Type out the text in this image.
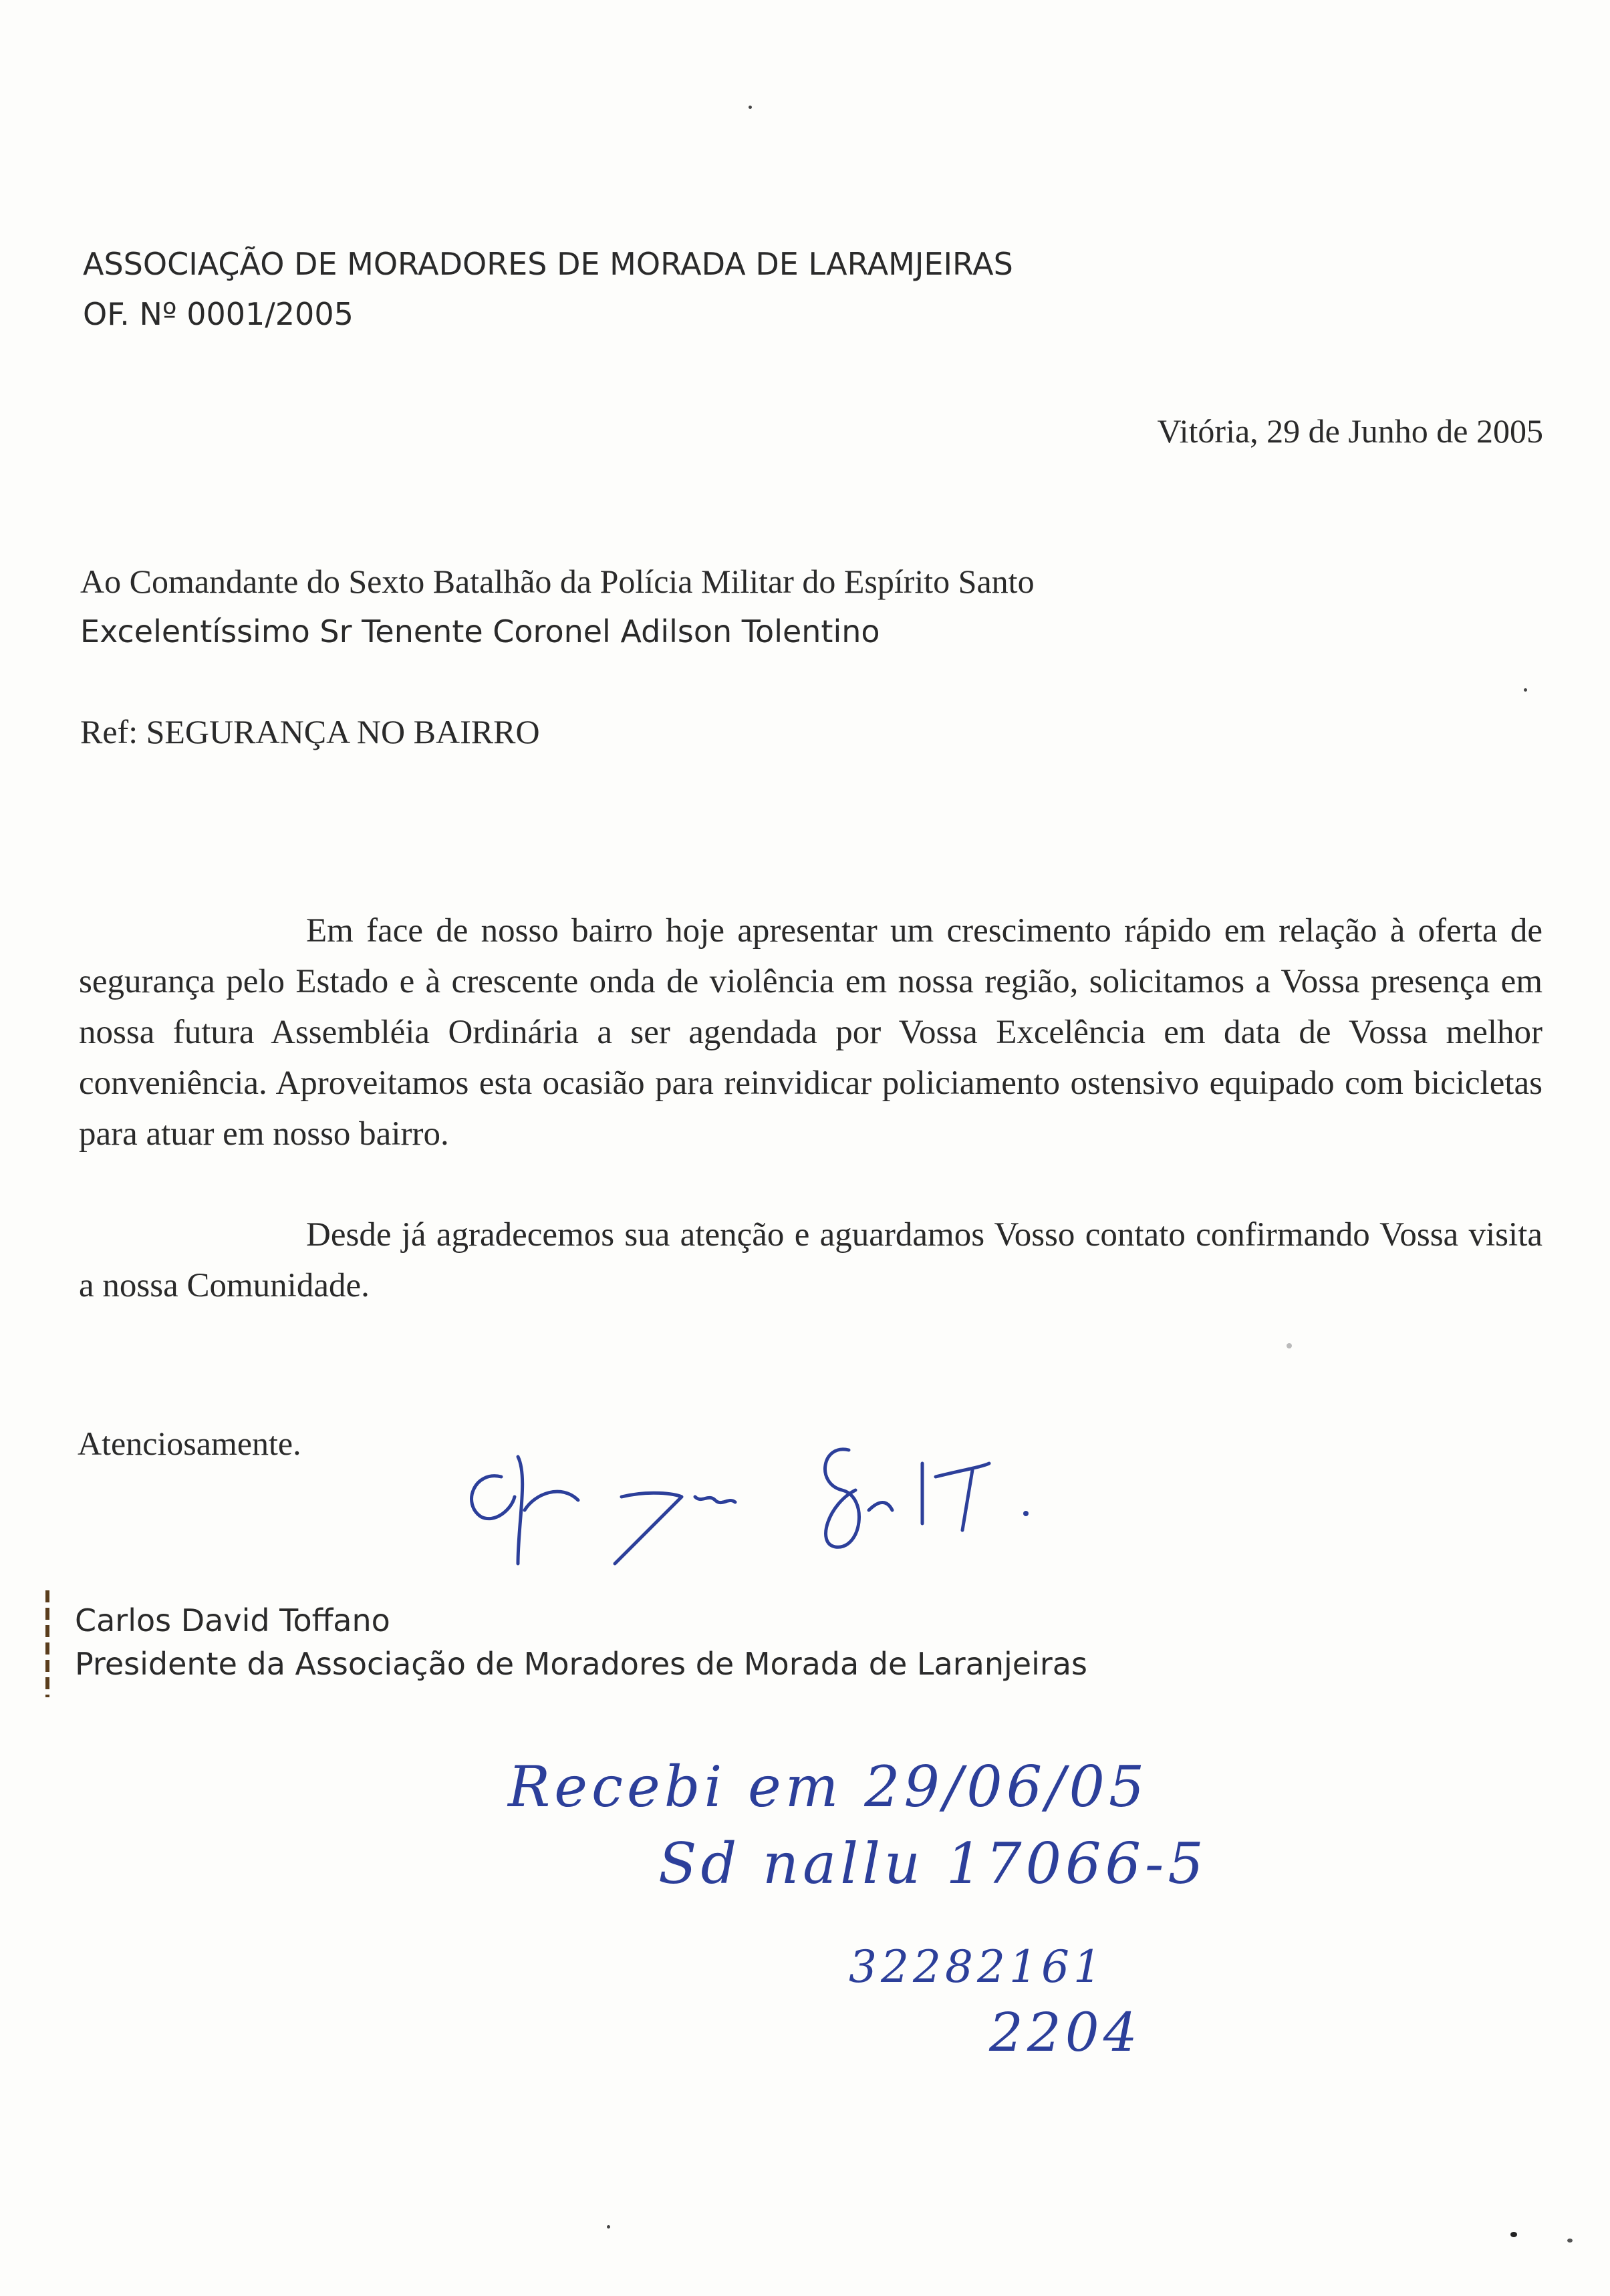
ASSOCIAÇÃO DE MORADORES DE MORADA DE LARAMJEIRAS
OF. Nº 0001/2005
Vitória, 29 de Junho de 2005
Ao Comandante do Sexto Batalhão da Polícia Militar do Espírito Santo
Excelentíssimo Sr Tenente Coronel Adilson Tolentino
Ref: SEGURANÇA NO BAIRRO
Em face de nosso bairro hoje apresentar um crescimento rápido em relação à oferta de segurança pelo Estado e à crescente onda de violência em nossa região, solicitamos a Vossa presença em nossa futura Assembléia Ordinária a ser agendada por Vossa Excelência em data de Vossa melhor conveniência. Aproveitamos esta ocasião para reinvidicar policiamento ostensivo equipado com bicicletas para atuar em nosso bairro.
Desde já agradecemos sua atenção e aguardamos Vosso contato confirmando Vossa visita a nossa Comunidade.
Atenciosamente.
Carlos David Toffano
Presidente da Associação de Moradores de Morada de Laranjeiras
Recebi em 29/06/05
Sd nallu 17066-5
32282161
2204
